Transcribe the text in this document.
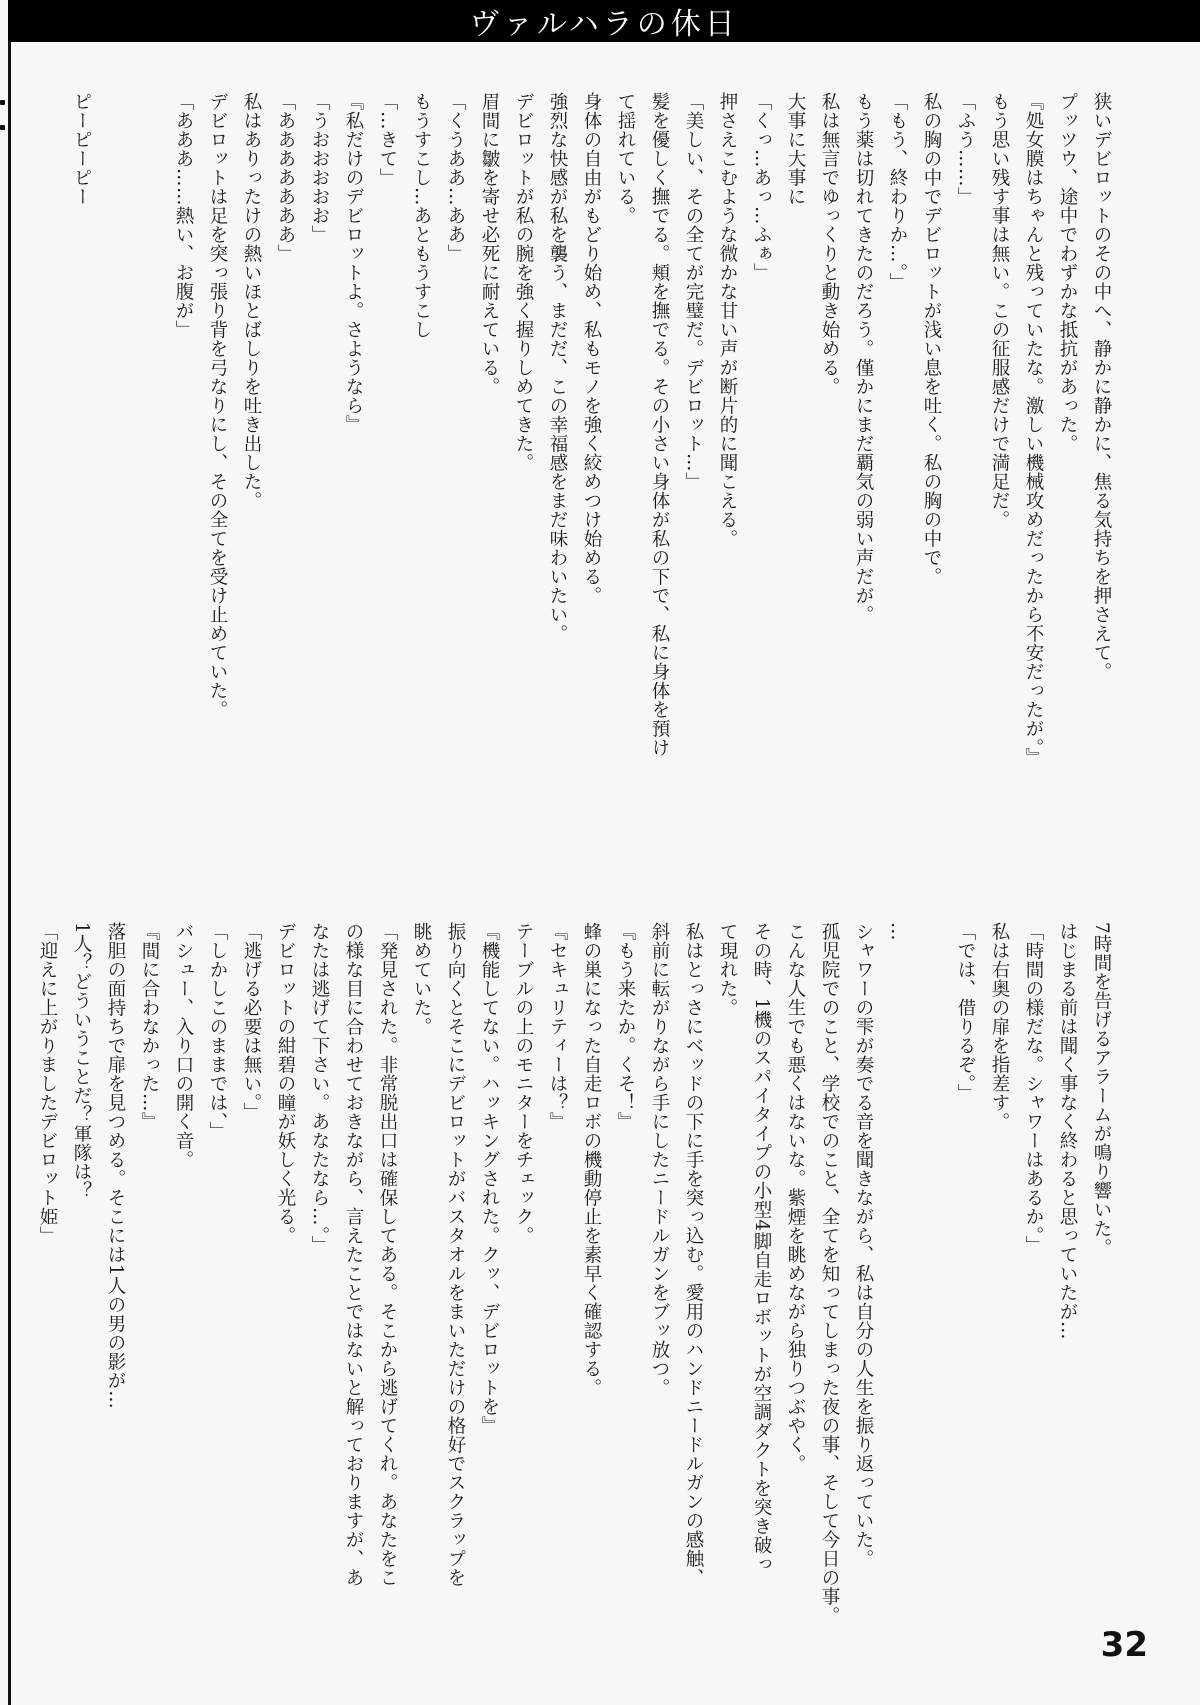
ヴァルハラの休日
狭いデビロットのその中へ、静かに静かに、焦る気持ちを押さえて。
プッツウ、途中でわずかな抵抗があった。
『処女膜はちゃんと残っていたな。激しい機械攻めだったから不安だったが。』
もう思い残す事は無い。この征服感だけで満足だ。
「ふう……」
私の胸の中でデビロットが浅い息を吐く。私の胸の中で。
「もう、終わりか…。」
もう薬は切れてきたのだろう。僅かにまだ覇気の弱い声だが。
私は無言でゆっくりと動き始める。
大事に大事に
「くっ…あっ…ふぁ」
押さえこむような微かな甘い声が断片的に聞こえる。
「美しい、その全てが完璧だ。デビロット…」
髪を優しく撫でる。頬を撫でる。その小さい身体が私の下で、私に身体を預け
て揺れている。
身体の自由がもどり始め、私もモノを強く絞めつけ始める。
強烈な快感が私を襲う、まだだ、この幸福感をまだ味わいたい。
デビロットが私の腕を強く握りしめてきた。
眉間に皺を寄せ必死に耐えている。
「くうああ…ああ」
もうすこし…あともうすこし
「…きて」
『私だけのデビロットよ。さようなら』
「うおおおおお」
「あああああああ」
私はありったけの熱いほとばしりを吐き出した。
デビロットは足を突っ張り背を弓なりにし、その全てを受け止めていた。
「あああ……熱い、お腹が」
ピーピーピー
7時間を告げるアラームが鳴り響いた。
はじまる前は聞く事なく終わると思っていたが…
「時間の様だな。シャワーはあるか。」
私は右奥の扉を指差す。
「では、借りるぞ。」
…
シャワーの雫が奏でる音を聞きながら、私は自分の人生を振り返っていた。
孤児院でのこと、学校でのこと、全てを知ってしまった夜の事、そして今日の事。
こんな人生でも悪くはないな。紫煙を眺めながら独りつぶやく。
その時、1機のスパイタイプの小型4脚自走ロボットが空調ダクトを突き破っ
て現れた。
私はとっさにベッドの下に手を突っ込む。愛用のハンドニードルガンの感触、
斜前に転がりながら手にしたニードルガンをブッ放つ。
『もう来たか。くそ！』
蜂の巣になった自走ロボの機動停止を素早く確認する。
『セキュリティーは？』
テーブルの上のモニターをチェック。
『機能してない。ハッキングされた。クッ、デビロットを』
振り向くとそこにデビロットがバスタオルをまいただけの格好でスクラップを
眺めていた。
「発見された。非常脱出口は確保してある。そこから逃げてくれ。あなたをこ
の様な目に合わせておきながら、言えたことではないと解っておりますが、あ
なたは逃げて下さい。あなたなら…。」
デビロットの紺碧の瞳が妖しく光る。
「逃げる必要は無い。」
「しかしこのままでは、」
バシュー、入り口の開く音。
『間に合わなかった…』
落胆の面持ちで扉を見つめる。そこには1人の男の影が…
1人？どういうことだ？軍隊は？
「迎えに上がりましたデビロット姫」
32
